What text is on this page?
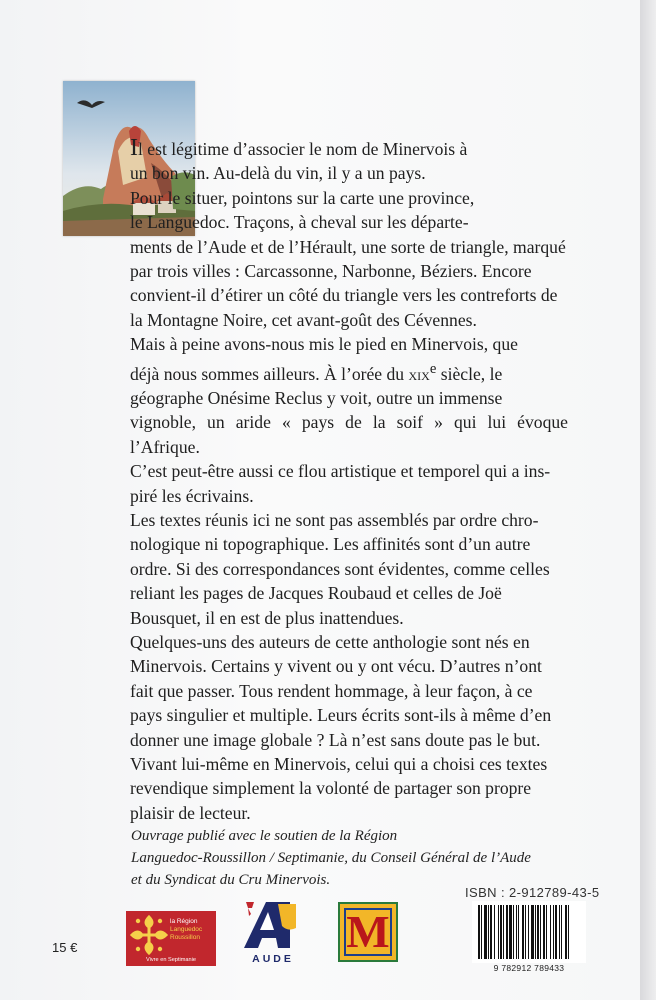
Il est légitime d’associer le nom de Minervois à
un bon vin. Au-delà du vin, il y a un pays.

Pour le situer, pointons sur la carte une province,
le Languedoc. Traçons, à cheval sur les départe-
ments de l’Aude et de l’Hérault, une sorte de triangle, marqué
par trois villes : Carcassonne, Narbonne, Béziers. Encore
convient-il d’étirer un côté du triangle vers les contreforts de
la Montagne Noire, cet avant-goût des Cévennes.

Mais à peine avons-nous mis le pied en Minervois, que
déjà nous sommes ailleurs. À l’orée du xix$^e$ siècle, le
géographe Onésime Reclus y voit, outre un immense
vignoble, un aride « pays de la soif » qui lui évoque l’Afrique.
C’est peut-être aussi ce flou artistique et temporel qui a ins-
piré les écrivains.

Les textes réunis ici ne sont pas assemblés par ordre chro-
nologique ni topographique. Les affinités sont d’un autre
ordre. Si des correspondances sont évidentes, comme celles
reliant les pages de Jacques Roubaud et celles de Joë
Bousquet, il en est de plus inattendues.

Quelques-uns des auteurs de cette anthologie sont nés en
Minervois. Certains y vivent ou y ont vécu. D’autres n’ont
fait que passer. Tous rendent hommage, à leur façon, à ce
pays singulier et multiple. Leurs écrits sont-ils à même d’en
donner une image globale ? Là n’est sans doute pas le but.

Vivant lui-même en Minervois, celui qui a choisi ces textes
revendique simplement la volonté de partager son propre
plaisir de lecteur.

Ouvrage publié avec le soutien de la Région
Languedoc-Roussillon / Septimanie, du Conseil Général de l’Aude
et du Syndicat du Cru Minervois.

ISBN : 2-912789-43-5
9 782912 789433
15 €
la Région
Languedoc
Roussillon
Vivre en Septimanie	AUDE
M
